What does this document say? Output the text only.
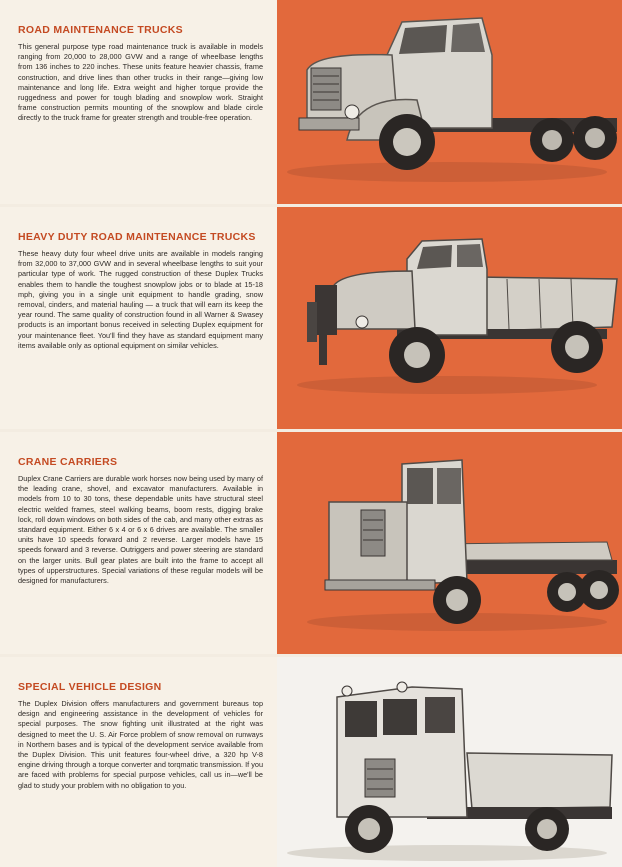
ROAD MAINTENANCE TRUCKS

This general purpose type road maintenance truck is available in models ranging from 20,000 to 28,000 GVW and a range of wheelbase lengths from 136 inches to 220 inches. These units feature heavier chassis, frame construction, and drive lines than other trucks in their range—giving low maintenance and long life. Extra weight and higher torque provide the ruggedness and power for tough blading and snowplow work. Straight frame construction permits mounting of the snowplow and blade circle directly to the truck frame for greater strength and trouble-free operation.

HEAVY DUTY ROAD MAINTENANCE TRUCKS

These heavy duty four wheel drive units are available in models ranging from 32,000 to 37,000 GVW and in several wheelbase lengths to suit your particular type of work. The rugged construction of these Duplex Trucks enables them to handle the toughest snowplow jobs or to blade at 15-18 mph, giving you in a single unit equipment to handle grading, snow removal, cinders, and material hauling — a truck that will earn its keep the year round. The same quality of construction found in all Warner & Swasey products is an important bonus received in selecting Duplex equipment for your maintenance fleet. You'll find they have as standard equipment many items available only as optional equipment on similar vehicles.

CRANE CARRIERS

Duplex Crane Carriers are durable work horses now being used by many of the leading crane, shovel, and excavator manufacturers. Available in models from 10 to 30 tons, these dependable units have structural steel electric welded frames, steel walking beams, boom rests, digging brake lock, roll down windows on both sides of the cab, and many other extras as standard equipment. Either 6 x 4 or 6 x 6 drives are available. The smaller units have 10 speeds forward and 2 reverse. Larger models have 15 speeds forward and 3 reverse. Outriggers and power steering are standard on the larger units. Bull gear plates are built into the frame to accept all types of upperstructures. Special variations of these regular models will be designed for manufacturers.

SPECIAL VEHICLE DESIGN

The Duplex Division offers manufacturers and government bureaus top design and engineering assistance in the development of vehicles for special purposes. The snow fighting unit illustrated at the right was designed to meet the U. S. Air Force problem of snow removal on runways in Northern bases and is typical of the development service available from the Duplex Division. This unit features four-wheel drive, a 320 hp V-8 engine driving through a torque converter and torqmatic transmission. If you are faced with problems for special purpose vehicles, call us in—we'll be glad to study your problem with no obligation to you.
